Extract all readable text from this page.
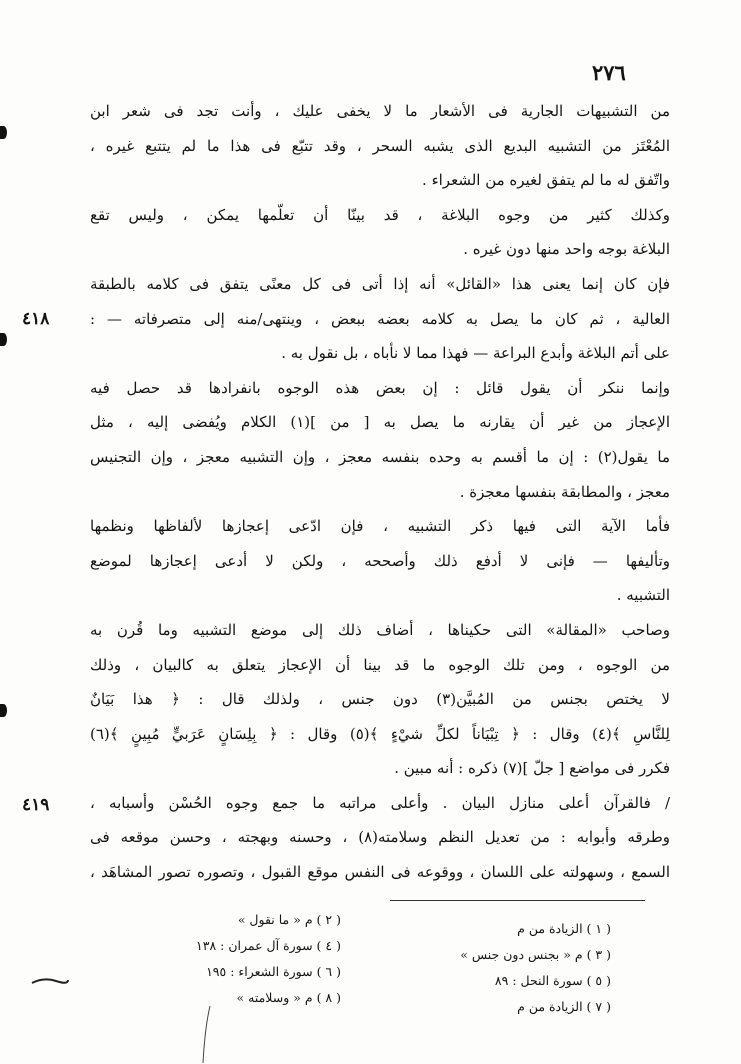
٢٧٦
من التشبيهات الجارية فى الأشعار ما لا يخفى عليك ، وأنت تجد فى شعر ابن
المُعْتَز من التشبيه البديع الذى يشبه السحر ، وقد تتبّع فى هذا ما لم يتتبع غيره ،
واتّفق له ما لم يتفق لغيره من الشعراء .
وكذلك كثير من وجوه البلاغة ، قد بينّا أن تعلّمها يمكن ، وليس تقع
البلاغة بوجه واحد منها دون غيره .
فإن كان إنما يعنى هذا «القائل» أنه إذا أتى فى كل معنًى يتفق فى كلامه بالطبقة
العالية ، ثم كان ما يصل به كلامه بعضه ببعض ، وينتهى/منه إلى متصرفاته — :
على أتم البلاغة وأبدع البراعة — فهذا مما لا نأباه ، بل نقول به .
وإنما ننكر أن يقول قائل : إن بعض هذه الوجوه بانفرادها قد حصل فيه
الإعجاز من غير أن يقارنه ما يصل به [ من ](١) الكلام ويُفضى إليه ، مثل
ما يقول(٢) : إن ما أقسم به وحده بنفسه معجز ، وإن التشبيه معجز ، وإن التجنيس
معجز ، والمطابقة بنفسها معجزة .
فأما الآية التى فيها ذكر التشبيه ، فإن ادّعى إعجازها لألفاظها ونظمها
وتأليفها — فإنى لا أدفع ذلك وأصححه ، ولكن لا أدعى إعجازها لموضع
التشبيه .
وصاحب «المقالة» التى حكيناها ، أضاف ذلك إلى موضع التشبيه وما قُرن به
من الوجوه ، ومن تلك الوجوه ما قد بينا أن الإعجاز يتعلق به كالبيان ، وذلك
لا يختص بجنس من المُبيَّن(٣) دون جنس ، ولذلك قال : ﴿ هذا بَيَانٌ
لِلنَّاسِ ﴾(٤) وقال : ﴿ تِبْيَاناً لكلِّ شيْءٍ ﴾(٥) وقال : ﴿ بِلِسَانٍ عَرَبيٍّ مُبِينٍ ﴾(٦)
فكرر فى مواضع [ جلّ ](٧) ذكره : أنه مبين .
/ فالقرآن أعلى منازل البيان . وأعلى مراتبه ما جمع وجوه الحُسْن وأسبابه ،
وطرقه وأبوابه : من تعديل النظم وسلامته(٨) ، وحسنه وبهجته ، وحسن موقعه فى
السمع ، وسهولته على اللسان ، ووقوعه فى النفس موقع القبول ، وتصوره تصور المشاهَد ،
٤١٨
٤١٩
( ١ ) الزيادة من م
( ٣ ) م « بجنس دون جنس »
( ٥ ) سورة النحل : ٨٩
( ٧ ) الزيادة من م
( ٢ ) م « ما نقول »
( ٤ ) سورة آل عمران : ١٣٨
( ٦ ) سورة الشعراء : ١٩٥
( ٨ ) م « وسلامته »
